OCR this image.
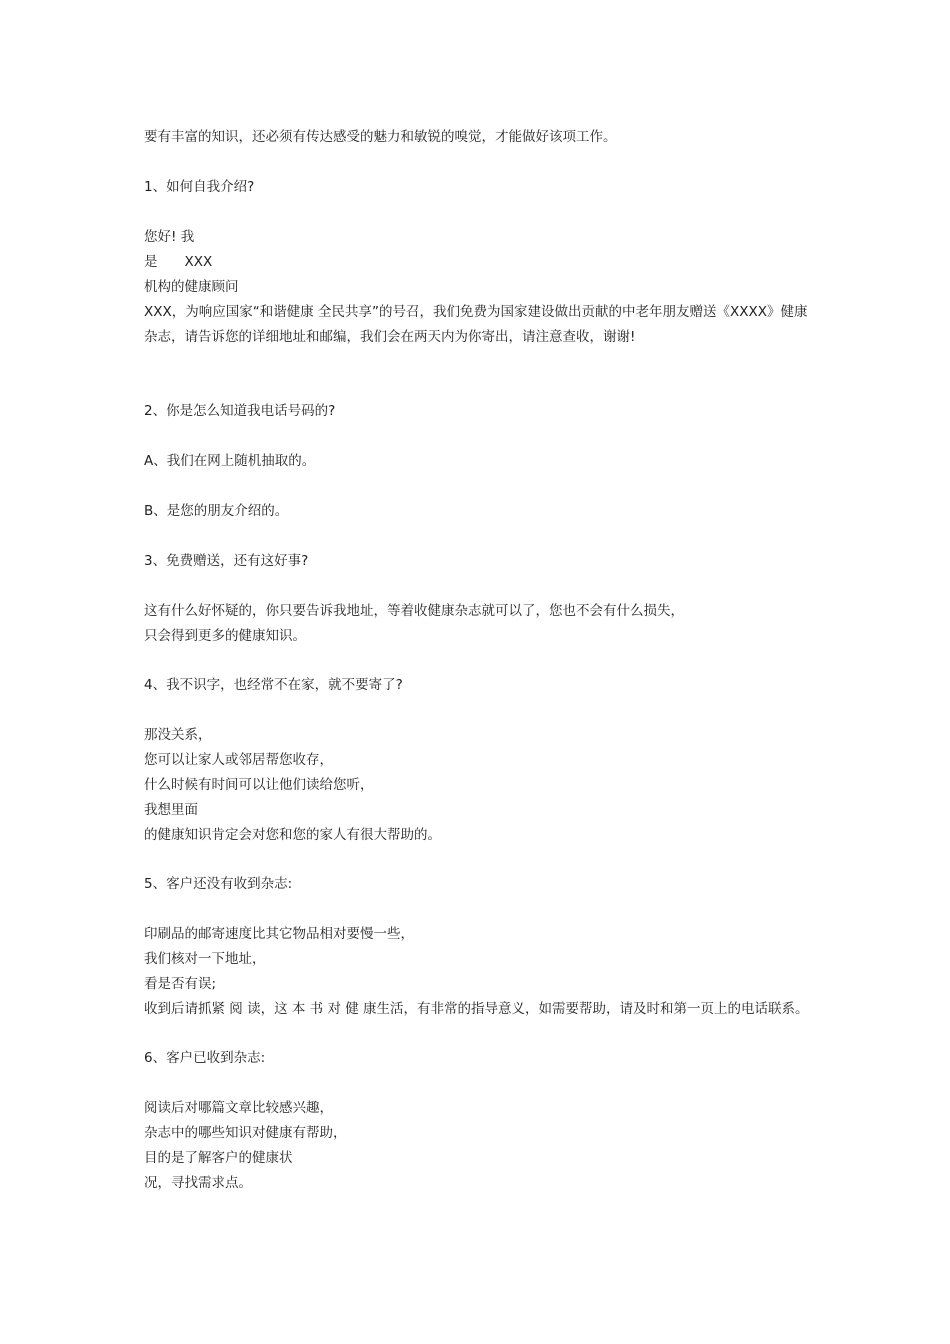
要有丰富的知识，还必须有传达感受的魅力和敏锐的嗅觉，才能做好该项工作。
1、如何自我介绍?
您好! 我
是　　XXX
机构的健康顾问
XXX，为响应国家“和谐健康 全民共享”的号召，我们免费为国家建设做出贡献的中老年朋友赠送《XXXX》健康
杂志，请告诉您的详细地址和邮编，我们会在两天内为你寄出，请注意查收，谢谢!
2、你是怎么知道我电话号码的?
A、我们在网上随机抽取的。
B、是您的朋友介绍的。
3、免费赠送，还有这好事?
这有什么好怀疑的，你只要告诉我地址，等着收健康杂志就可以了，您也不会有什么损失，
只会得到更多的健康知识。
4、我不识字，也经常不在家，就不要寄了?
那没关系，
您可以让家人或邻居帮您收存，
什么时候有时间可以让他们读给您听，
我想里面
的健康知识肯定会对您和您的家人有很大帮助的。
5、客户还没有收到杂志:
印刷品的邮寄速度比其它物品相对要慢一些，
我们核对一下地址，
看是否有误;
收到后请抓紧 阅 读，这 本 书 对 健 康生活，有非常的指导意义，如需要帮助，请及时和第一页上的电话联系。
6、客户已收到杂志:
阅读后对哪篇文章比较感兴趣，
杂志中的哪些知识对健康有帮助，
目的是了解客户的健康状
况，寻找需求点。
